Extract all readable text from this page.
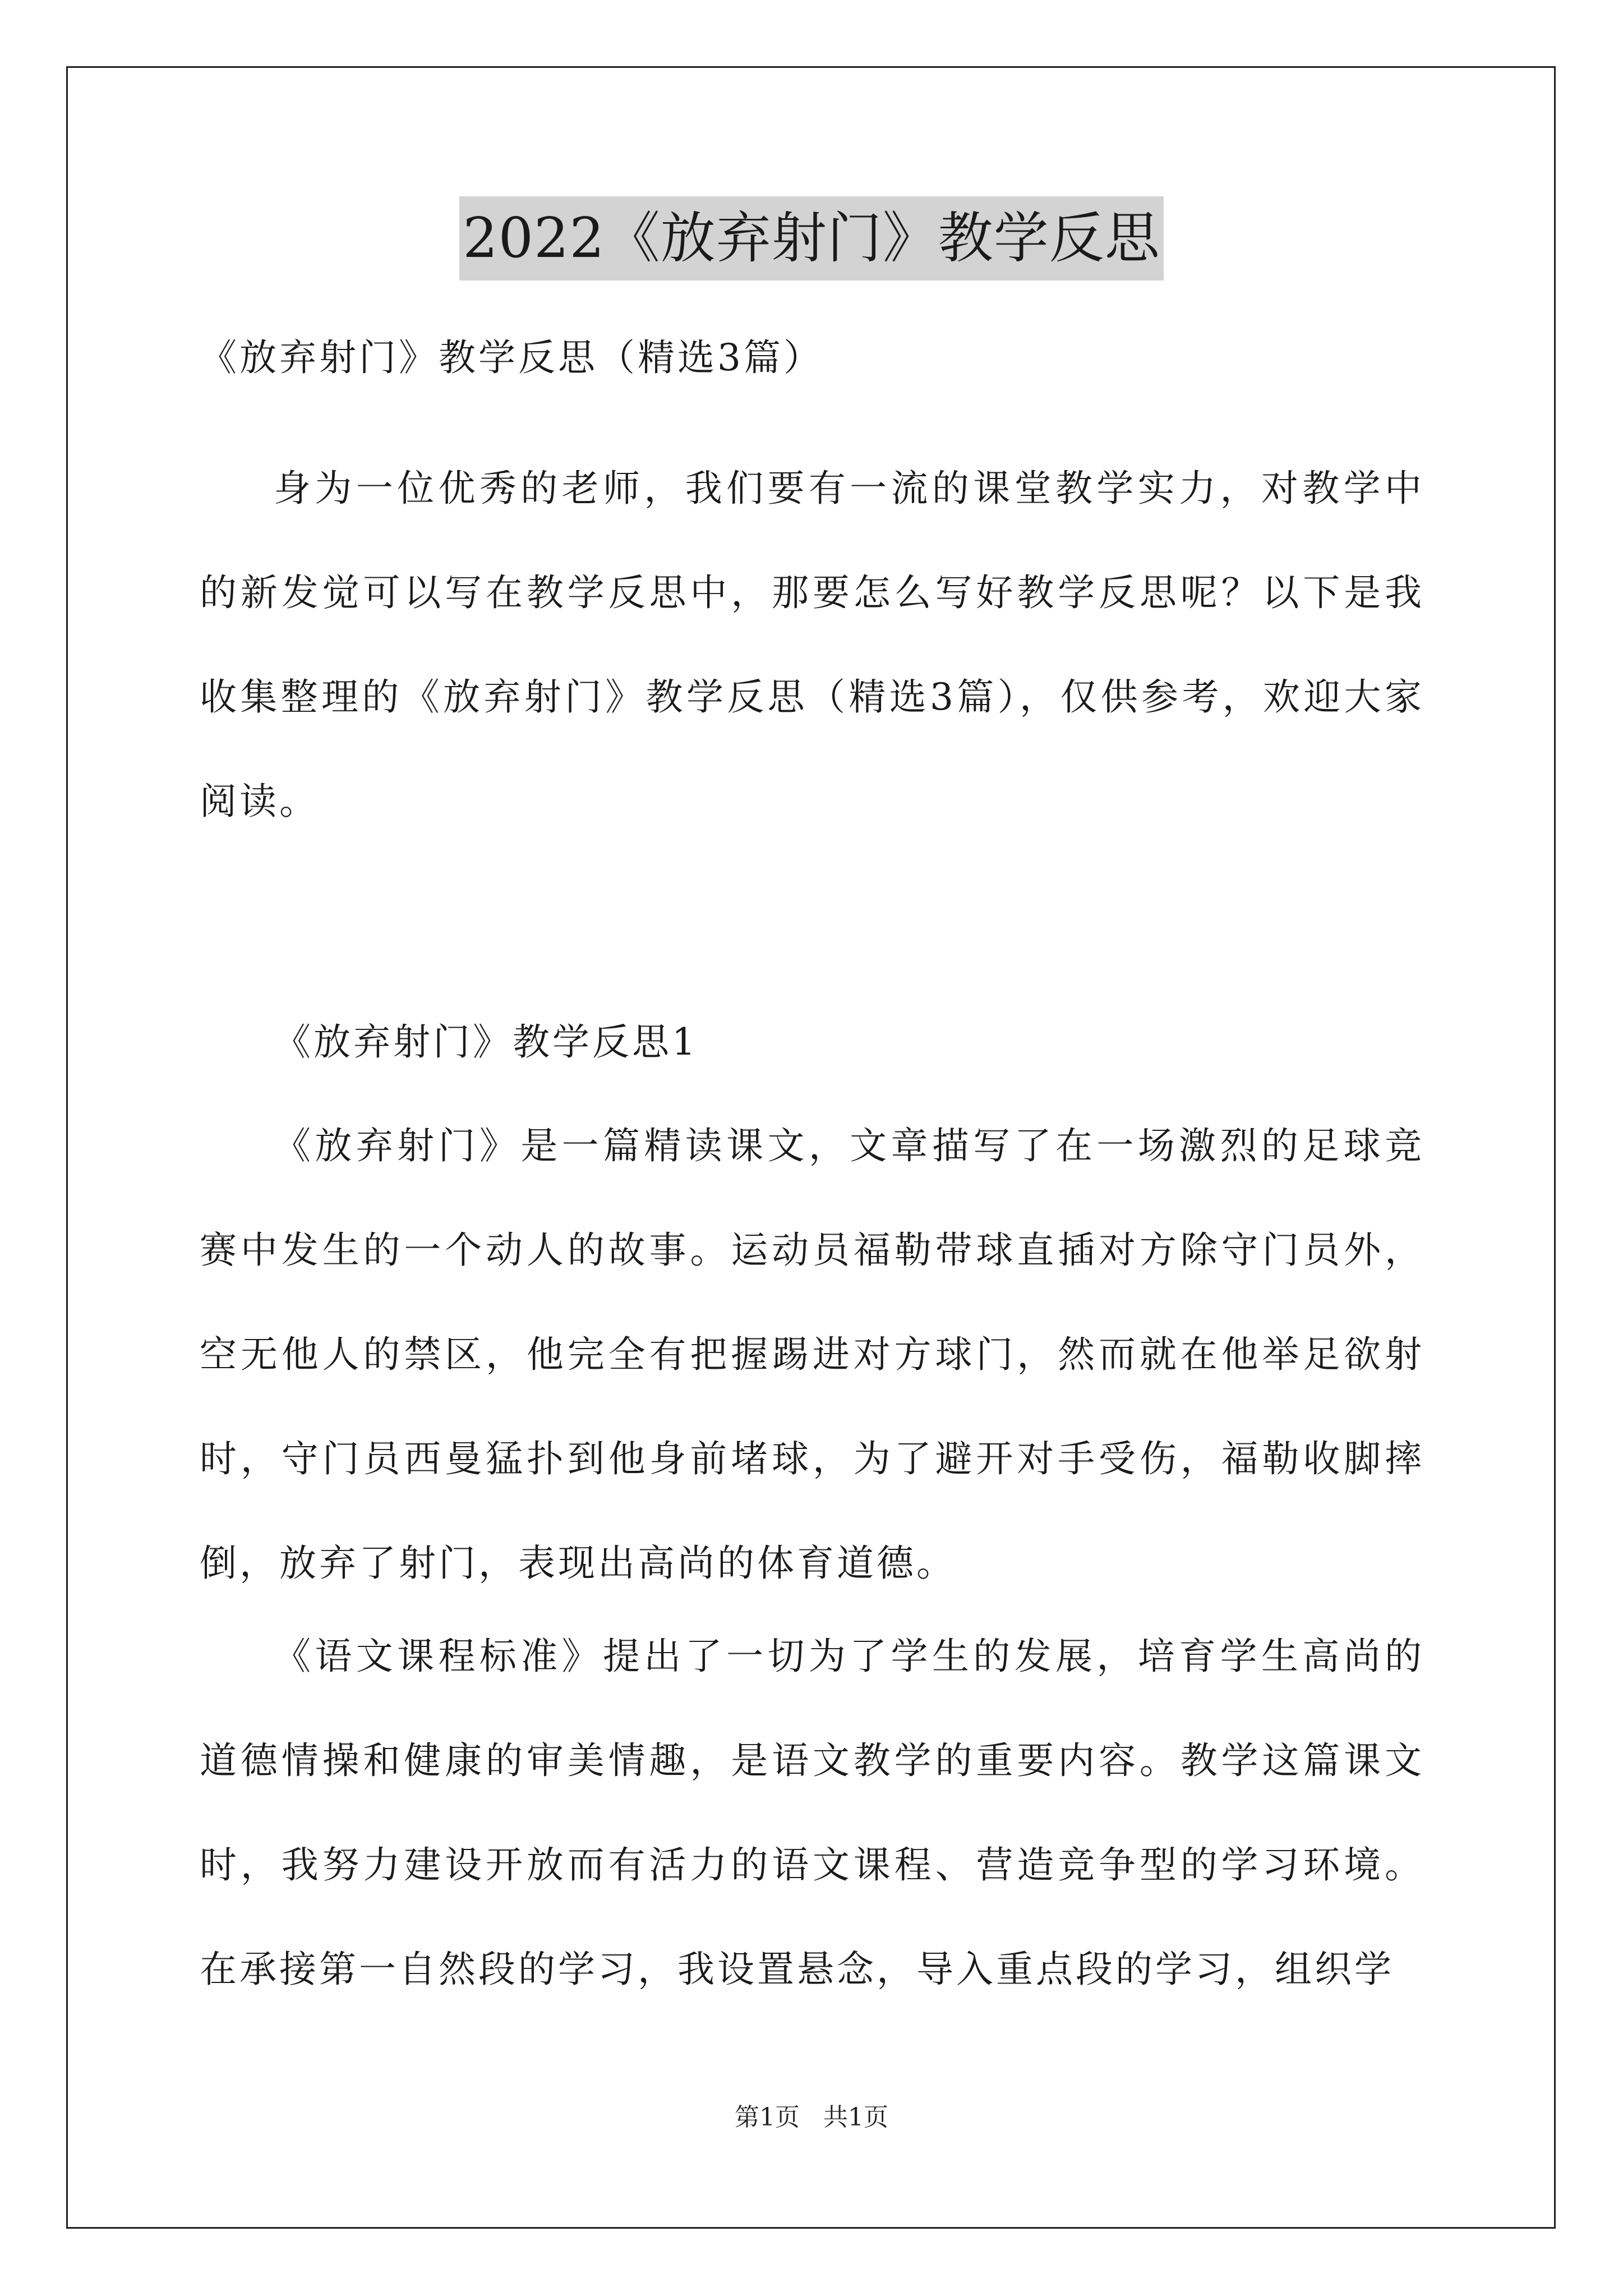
2022《放弃射门》教学反思

《放弃射门》教学反思（精选3篇）

身为一位优秀的老师，我们要有一流的课堂教学实力，对教学中的新发觉可以写在教学反思中，那要怎么写好教学反思呢？以下是我收集整理的《放弃射门》教学反思（精选3篇），仅供参考，欢迎大家阅读。

《放弃射门》教学反思1

《放弃射门》是一篇精读课文，文章描写了在一场激烈的足球竞赛中发生的一个动人的故事。运动员福勒带球直插对方除守门员外，空无他人的禁区，他完全有把握踢进对方球门，然而就在他举足欲射时，守门员西曼猛扑到他身前堵球，为了避开对手受伤，福勒收脚摔倒，放弃了射门，表现出高尚的体育道德。

《语文课程标准》提出了一切为了学生的发展，培育学生高尚的道德情操和健康的审美情趣，是语文教学的重要内容。教学这篇课文时，我努力建设开放而有活力的语文课程、营造竞争型的学习环境。在承接第一自然段的学习，我设置悬念，导入重点段的学习，组织学

第1页 共1页
